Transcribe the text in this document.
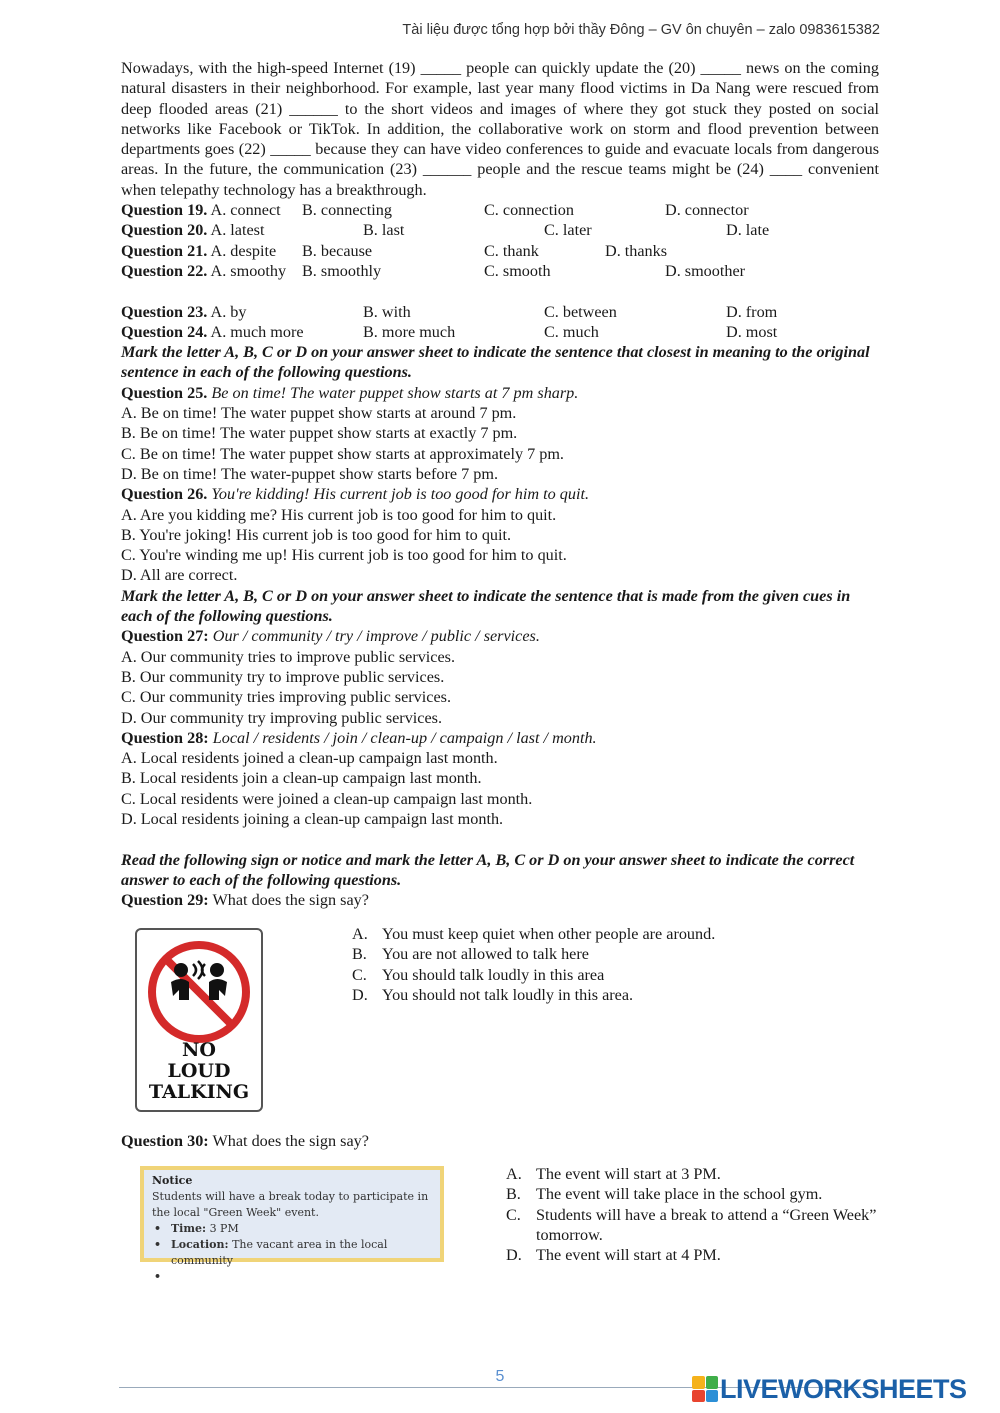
Tài liệu được tổng hợp bởi thầy Đông – GV ôn chuyên – zalo 0983615382

Nowadays, with the high-speed Internet (19) _____ people can quickly update the (20) _____ news on the coming natural disasters in their neighborhood. For example, last year many flood victims in Da Nang were rescued from deep flooded areas (21) ______ to the short videos and images of where they got stuck they posted on social networks like Facebook or TikTok. In addition, the collaborative work on storm and flood prevention between departments goes (22) _____ because they can have video conferences to guide and evacuate locals from dangerous areas. In the future, the communication (23) ______ people and the rescue teams might be (24) ____ convenient when telepathy technology has a breakthrough.

Question 19. A. connect B. connecting	C. connection	D. connector
Question 20. A. latest	B. last	C. later	D. late
Question 21. A. despite B. because	C. thank	D. thanks
Question 22. A. smoothy B. smoothly	C. smooth	D. smoother
Question 23. A. by	B. with	C. between	D. from
Question 24. A. much more	B. more much	C. much	D. most

Mark the letter A, B, C or D on your answer sheet to indicate the sentence that closest in meaning to the original sentence in each of the following questions.

Question 25. Be on time! The water puppet show starts at 7 pm sharp.

A. Be on time! The water puppet show starts at around 7 pm.

B. Be on time! The water puppet show starts at exactly 7 pm.

C. Be on time! The water puppet show starts at approximately 7 pm.

D. Be on time! The water-puppet show starts before 7 pm.

Question 26. You're kidding! His current job is too good for him to quit.

A. Are you kidding me? His current job is too good for him to quit.

B. You're joking! His current job is too good for him to quit.

C. You're winding me up! His current job is too good for him to quit.

D. All are correct.

Mark the letter A, B, C or D on your answer sheet to indicate the sentence that is made from the given cues in each of the following questions.

Question 27: Our / community / try / improve / public / services.

A. Our community tries to improve public services.

B. Our community try to improve public services.

C. Our community tries improving public services.

D. Our community try improving public services.

Question 28: Local / residents / join / clean-up / campaign / last / month.

A. Local residents joined a clean-up campaign last month.

B. Local residents join a clean-up campaign last month.

C. Local residents were joined a clean-up campaign last month.

D. Local residents joining a clean-up campaign last month.

Read the following sign or notice and mark the letter A, B, C or D on your answer sheet to indicate the correct answer to each of the following questions.

Question 29: What does the sign say?

NO
LOUD
TALKING
A. You must keep quiet when other people are around.
B. You are not allowed to talk here
C. You should talk loudly in this area
D. You should not talk loudly in this area.

Question 30: What does the sign say?

Notice
Students will have a break today to participate in the local "Green Week" event.
• Time: 3 PM
• Location: The vacant area in the local community
A. The event will start at 3 PM.
B. The event will take place in the school gym.
C. Students will have a break to attend a “Green Week” tomorrow.
D. The event will start at 4 PM.
5	LIVEWORKSHEETS
